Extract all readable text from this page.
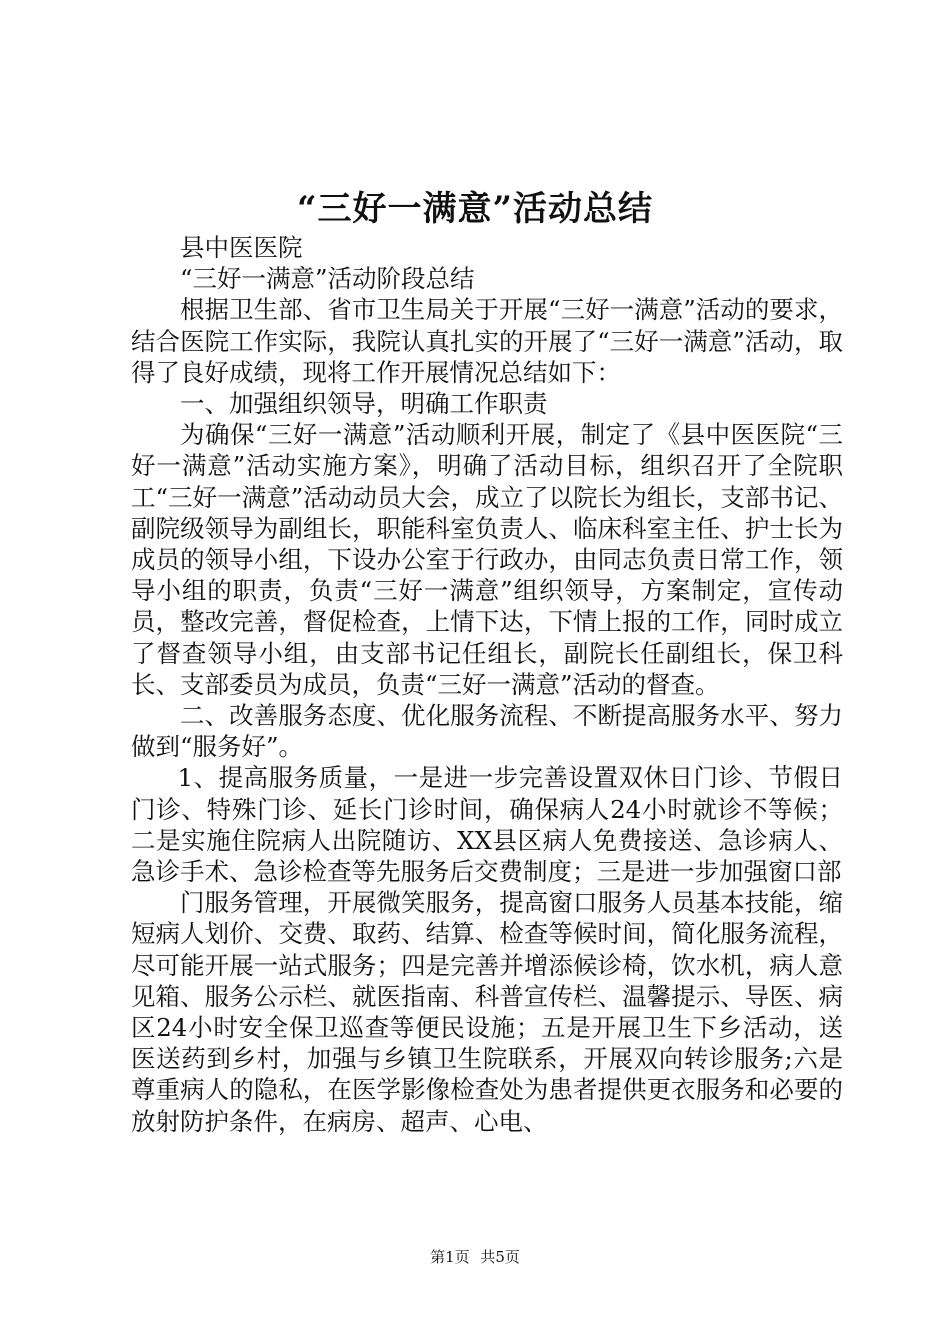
“三好一满意”活动总结

县中医医院

“三好一满意”活动阶段总结

根据卫生部、省市卫生局关于开展“三好一满意”活动的要求，结合医院工作实际，我院认真扎实的开展了“三好一满意”活动，取得了良好成绩，现将工作开展情况总结如下：

一、加强组织领导，明确工作职责

为确保“三好一满意”活动顺利开展，制定了《县中医医院“三好一满意”活动实施方案》，明确了活动目标，组织召开了全院职工“三好一满意”活动动员大会，成立了以院长为组长，支部书记、副院级领导为副组长，职能科室负责人、临床科室主任、护士长为成员的领导小组，下设办公室于行政办，由同志负责日常工作，领导小组的职责，负责“三好一满意”组织领导，方案制定，宣传动员，整改完善，督促检查，上情下达，下情上报的工作，同时成立了督查领导小组，由支部书记任组长，副院长任副组长，保卫科长、支部委员为成员，负责“三好一满意”活动的督查。

二、改善服务态度、优化服务流程、不断提高服务水平、努力做到“服务好”。

1、提高服务质量，一是进一步完善设置双休日门诊、节假日门诊、特殊门诊、延长门诊时间，确保病人24小时就诊不等候；二是实施住院病人出院随访、XX县区病人免费接送、急诊病人、急诊手术、急诊检查等先服务后交费制度；三是进一步加强窗口部

门服务管理，开展微笑服务，提高窗口服务人员基本技能，缩短病人划价、交费、取药、结算、检查等候时间，简化服务流程，尽可能开展一站式服务；四是完善并增添候诊椅，饮水机，病人意见箱、服务公示栏、就医指南、科普宣传栏、温馨提示、导医、病区24小时安全保卫巡查等便民设施；五是开展卫生下乡活动，送医送药到乡村，加强与乡镇卫生院联系，开展双向转诊服务;六是尊重病人的隐私，在医学影像检查处为患者提供更衣服务和必要的放射防护条件，在病房、超声、心电、

第1页 共5页
